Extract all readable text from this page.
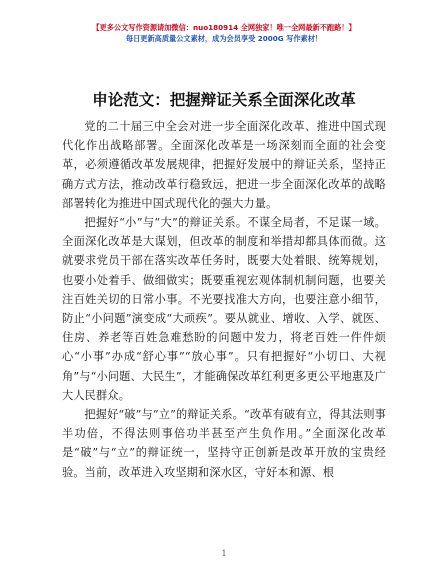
【更多公文写作资源请加微信：nuo180914 全网独家！唯一全网最新不跑路！】
每日更新高质量公文素材，成为会员享受 2000G 写作素材！
申论范文：把握辩证关系全面深化改革

党的二十届三中全会对进一步全面深化改革、推进中国式现代化作出战略部署。全面深化改革是一场深刻而全面的社会变革，必须遵循改革发展规律，把握好发展中的辩证关系，坚持正确方式方法，推动改革行稳致远，把进一步全面深化改革的战略部署转化为推进中国式现代化的强大力量。

把握好“小”与“大”的辩证关系。不谋全局者，不足谋一域。全面深化改革是大谋划，但改革的制度和举措却都具体而微。这就要求党员干部在落实改革任务时，既要大处着眼、统筹规划，也要小处着手、做细做实；既要重视宏观体制机制问题，也要关注百姓关切的日常小事。不光要找准大方向，也要注意小细节，防止“小问题”演变成“大顽疾”。要从就业、增收、入学、就医、住房、养老等百姓急难愁盼的问题中发力，将老百姓一件件烦心“小事”办成“舒心事”“放心事”。只有把握好“小切口、大视角”与“小问题、大民生”，才能确保改革红利更多更公平地惠及广大人民群众。

把握好“破”与“立”的辩证关系。“改革有破有立，得其法则事半功倍，不得法则事倍功半甚至产生负作用。”全面深化改革是“破”与“立”的辩证统一，坚持守正创新是改革开放的宝贵经验。当前，改革进入攻坚期和深水区，守好本和源、根

1
